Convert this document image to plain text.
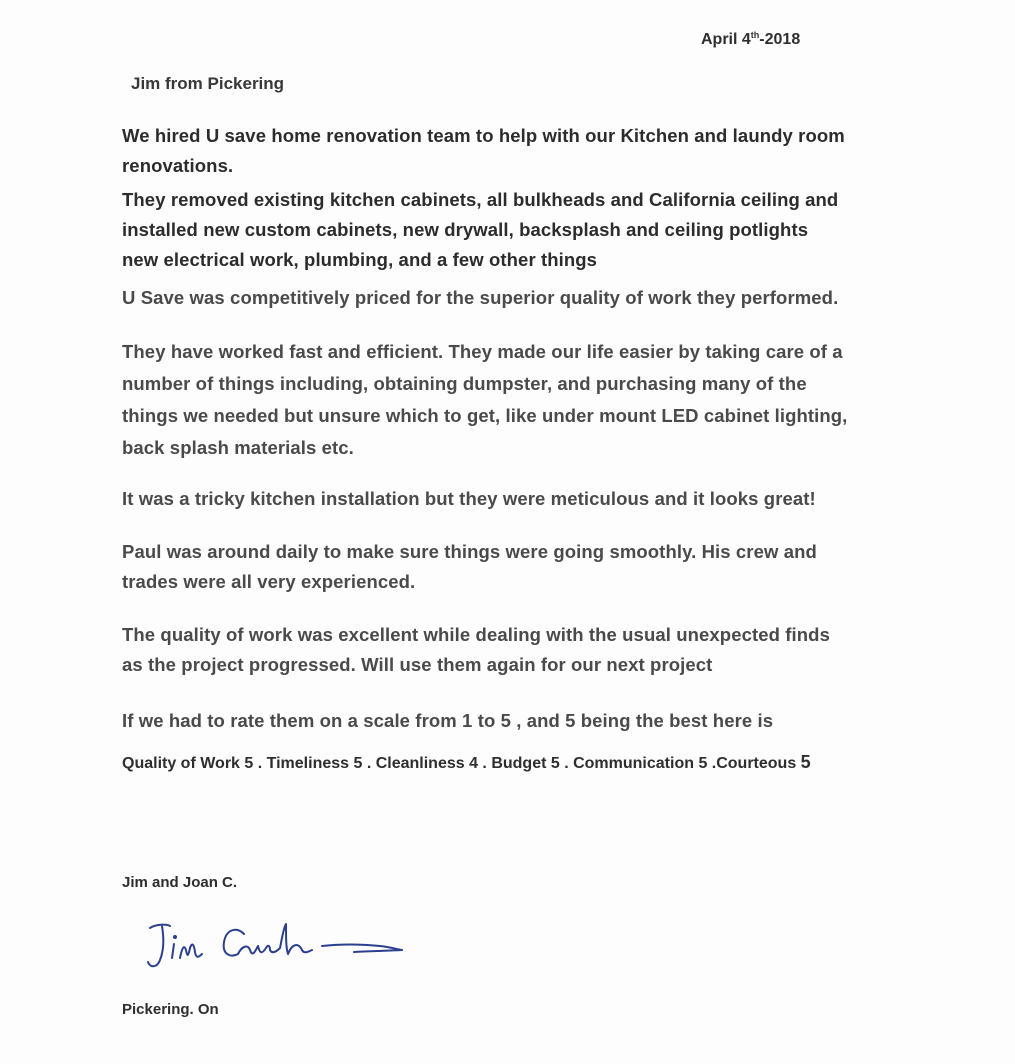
April 4th-2018
Jim from Pickering
We hired U save home renovation team to help with our Kitchen and laundy room
renovations.
They removed existing kitchen cabinets, all bulkheads and California ceiling and
installed new custom cabinets, new drywall, backsplash and ceiling potlights
new electrical work, plumbing, and a few other things
U Save was competitively priced for the superior quality of work they performed.
They have worked fast and efficient. They made our life easier by taking care of a
number of things including, obtaining dumpster, and purchasing many of the
things we needed but unsure which to get, like under mount LED cabinet lighting,
back splash materials etc.
It was a tricky kitchen installation but they were meticulous and it looks great!
Paul was around daily to make sure things were going smoothly. His crew and
trades were all very experienced.
The quality of work was excellent while dealing with the usual unexpected finds
as the project progressed. Will use them again for our next project
If we had to rate them on a scale from 1 to 5 , and 5 being the best here is
Quality of Work 5 . Timeliness 5 . Cleanliness 4 . Budget 5 . Communication 5 .Courteous 5
Jim and Joan C.
Jim Carsh
Pickering. On
